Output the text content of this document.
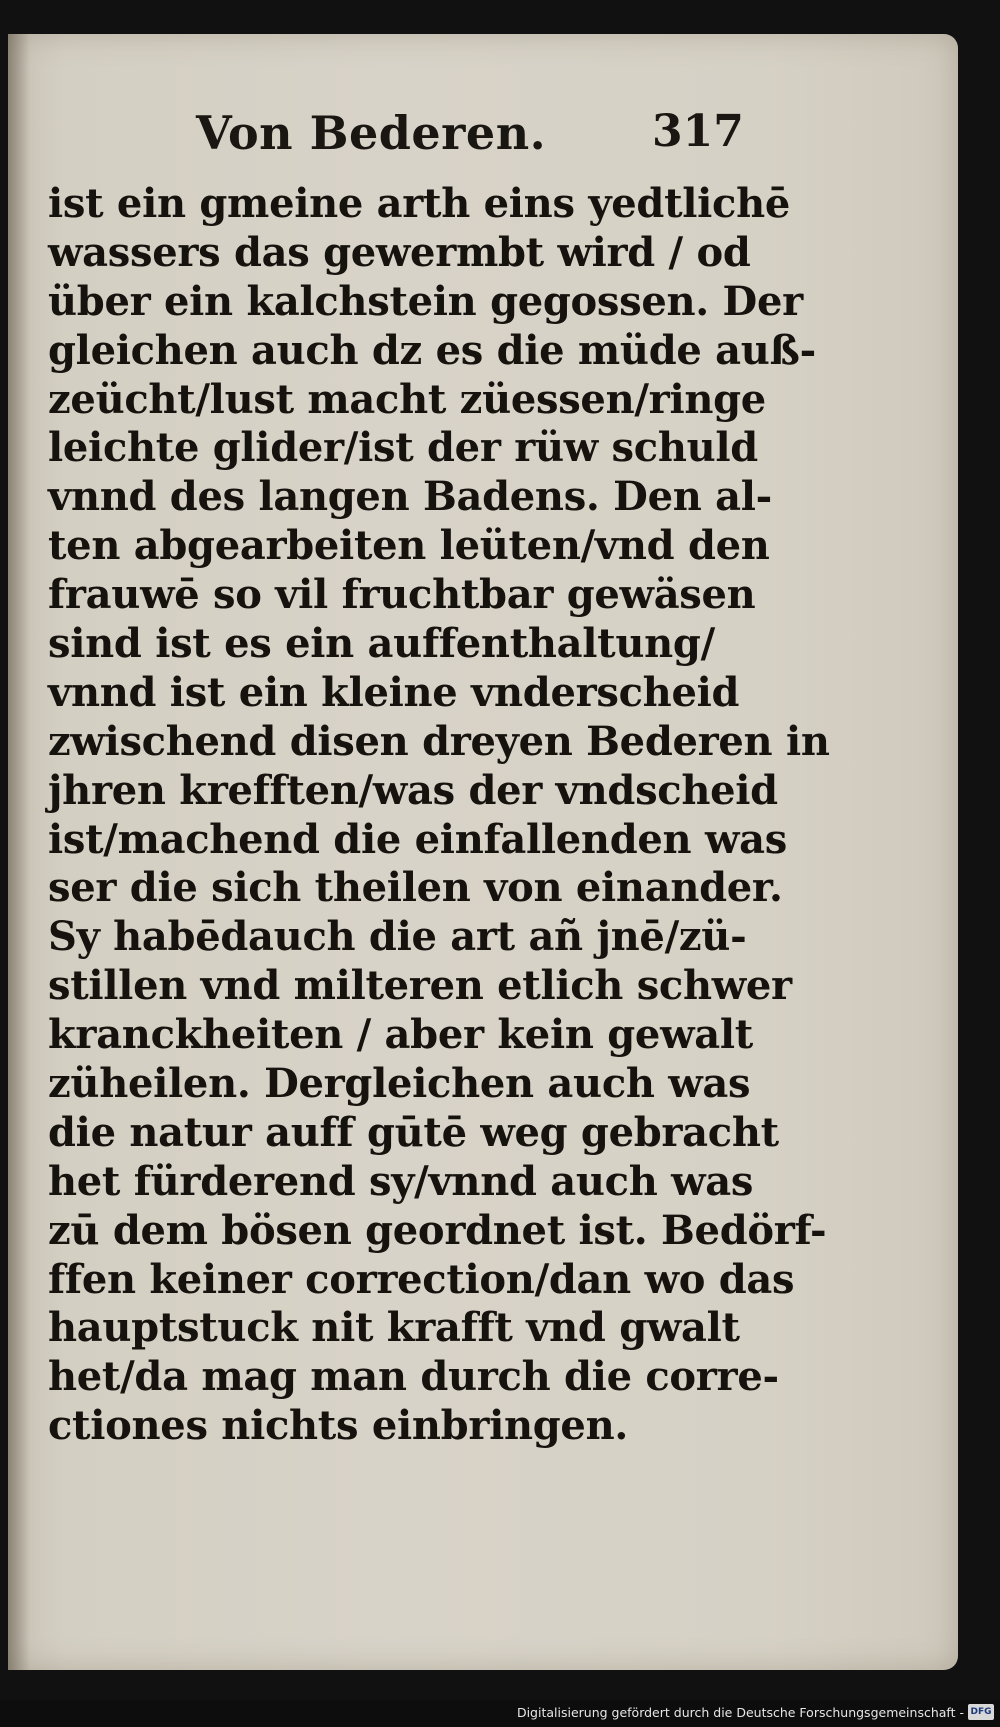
Von Bederen. 317
ist ein gmeine arth eins yedtlichē
wassers das gewermbt wird / od
über ein kalchstein gegossen. Der
gleichen auch dz es die müde auß-
zeücht/lust macht züessen/ringe
leichte glider/ist der rüw schuld
vnnd des langen Badens. Den al-
ten abgearbeiten leüten/vnd den
frauwē so vil fruchtbar gewäsen
sind ist es ein auffenthaltung/
vnnd ist ein kleine vnderscheid
zwischend disen dreyen Bederen in
jhren krefften/was der vndscheid
ist/machend die einfallenden was
ser die sich theilen von einander.
Sy habēdauch die art añ jnē/zü-
stillen vnd milteren etlich schwer
kranckheiten / aber kein gewalt
züheilen. Dergleichen auch was
die natur auff gūtē weg gebracht
het fürderend sy/vnnd auch was
zū dem bösen geordnet ist. Bedörf-
ffen keiner correction/dan wo das
hauptstuck nit krafft vnd gwalt
het/da mag man durch die corre-
ctiones nichts einbringen.
Digitalisierung gefördert durch die Deutsche Forschungsgemeinschaft - DFG
